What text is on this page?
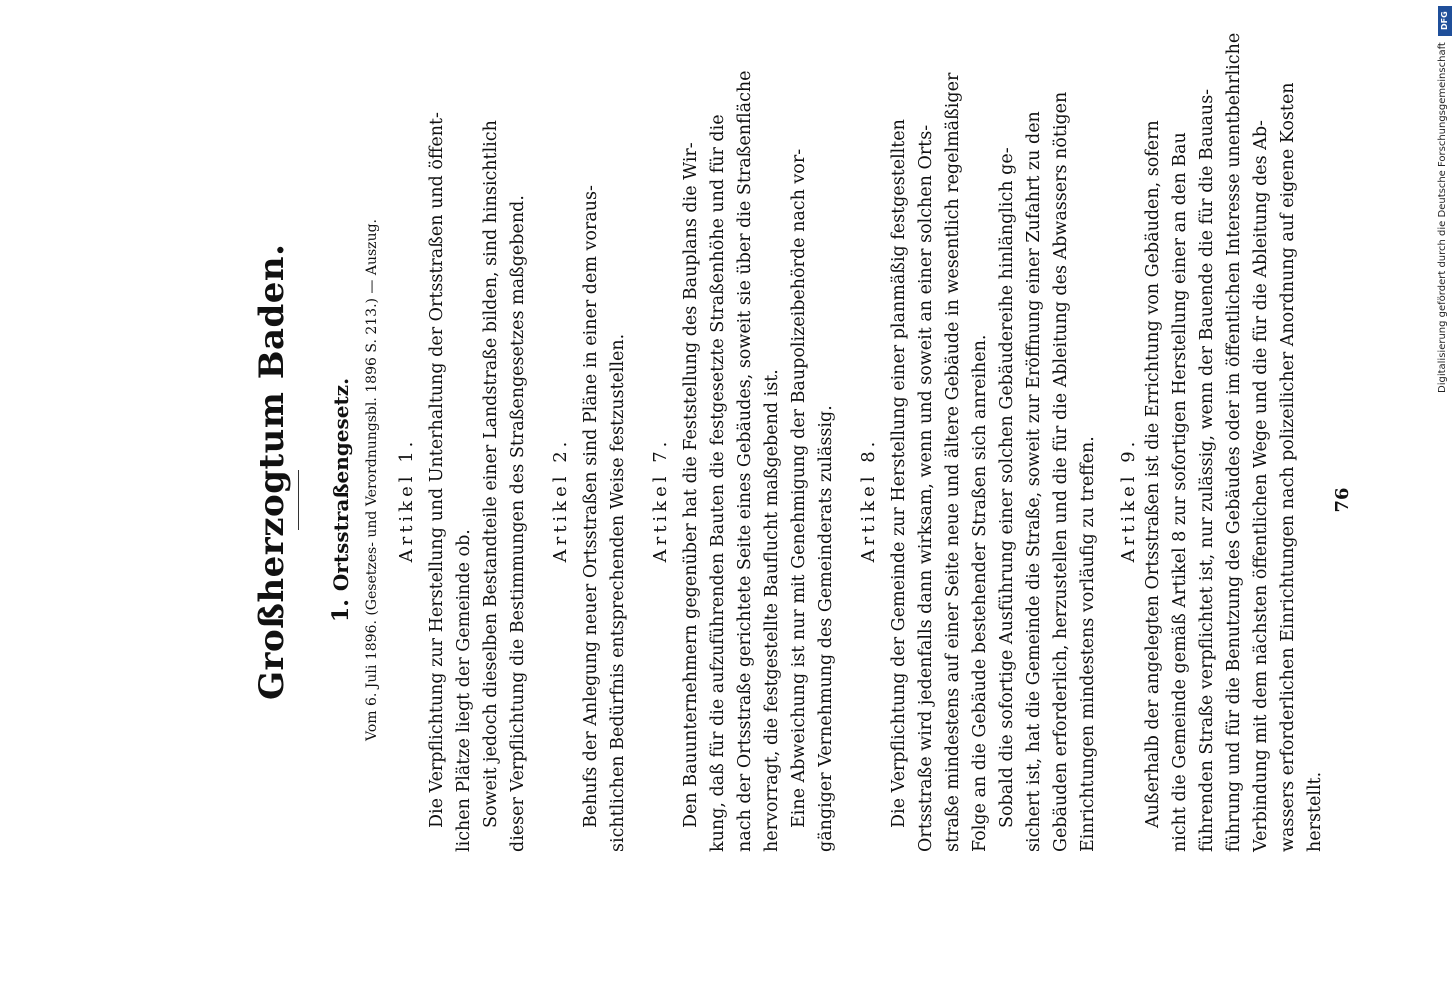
Großherzogtum Baden. 1.Ortsstraßengesetz. Vom 6. Juli 1896. (Gesetzes- und Verordnungsbl. 1896 S. 213.) — Auszug. Artikel 1. Die Verpflichtung zur Herstellung und Unterhaltung der Ortsstraßen und öffent- lichen Plätze liegt der Gemeinde ob. Soweit jedoch dieselben Bestandteile einer Landstraße bilden, sind hinsichtlich dieser Verpflichtung die Bestimmungen des Straßengesetzes maßgebend. Artikel 2. Behufs der Anlegung neuer Ortsstraßen sind Pläne in einer dem voraus- sichtlichen Bedürfnis entsprechenden Weise festzustellen. Artikel 7. Den Bauunternehmern gegenüber hat die Feststellung des Bauplans die Wir- kung, daß für die aufzuführenden Bauten die festgesetzte Straßenhöhe und für die nach der Ortsstraße gerichtete Seite eines Gebäudes, soweit sie über die Straßenfläche hervorragt, die festgestellte Bauflucht maßgebend ist. Eine Abweichung ist nur mit Genehmigung der Baupolizeibehörde nach vor- gängiger Vernehmung des Gemeinderats zulässig. Artikel 8. Die Verpflichtung der Gemeinde zur Herstellung einer planmäßig festgestellten Ortsstraße wird jedenfalls dann wirksam, wenn und soweit an einer solchen Orts- straße mindestens auf einer Seite neue und ältere Gebäude in wesentlich regelmäßiger Folge an die Gebäude bestehender Straßen sich anreihen. Sobald die sofortige Ausführung einer solchen Gebäudereihe hinlänglich ge- sichert ist, hat die Gemeinde die Straße, soweit zur Eröffnung einer Zufahrt zu den Gebäuden erforderlich, herzustellen und die für die Ableitung des Abwassers nötigen Einrichtungen mindestens vorläufig zu treffen. Artikel 9. Außerhalb der angelegten Ortsstraßen ist die Errichtung von Gebäuden, sofern nicht die Gemeinde gemäß Artikel 8 zur sofortigen Herstellung einer an den Bau führenden Straße verpflichtet ist, nur zulässig, wenn der Bauende die für die Bauaus- führung und für die Benutzung des Gebäudes oder im öffentlichen Interesse unentbehrliche Verbindung mit dem nächsten öffentlichen Wege und die für die Ableitung des Ab- wassers erforderlichen Einrichtungen nach polizeilicher Anordnung auf eigene Kosten herstellt.
76
DFG
Digitalisierung gefördert durch die Deutsche Forschungsgemeinschaft
